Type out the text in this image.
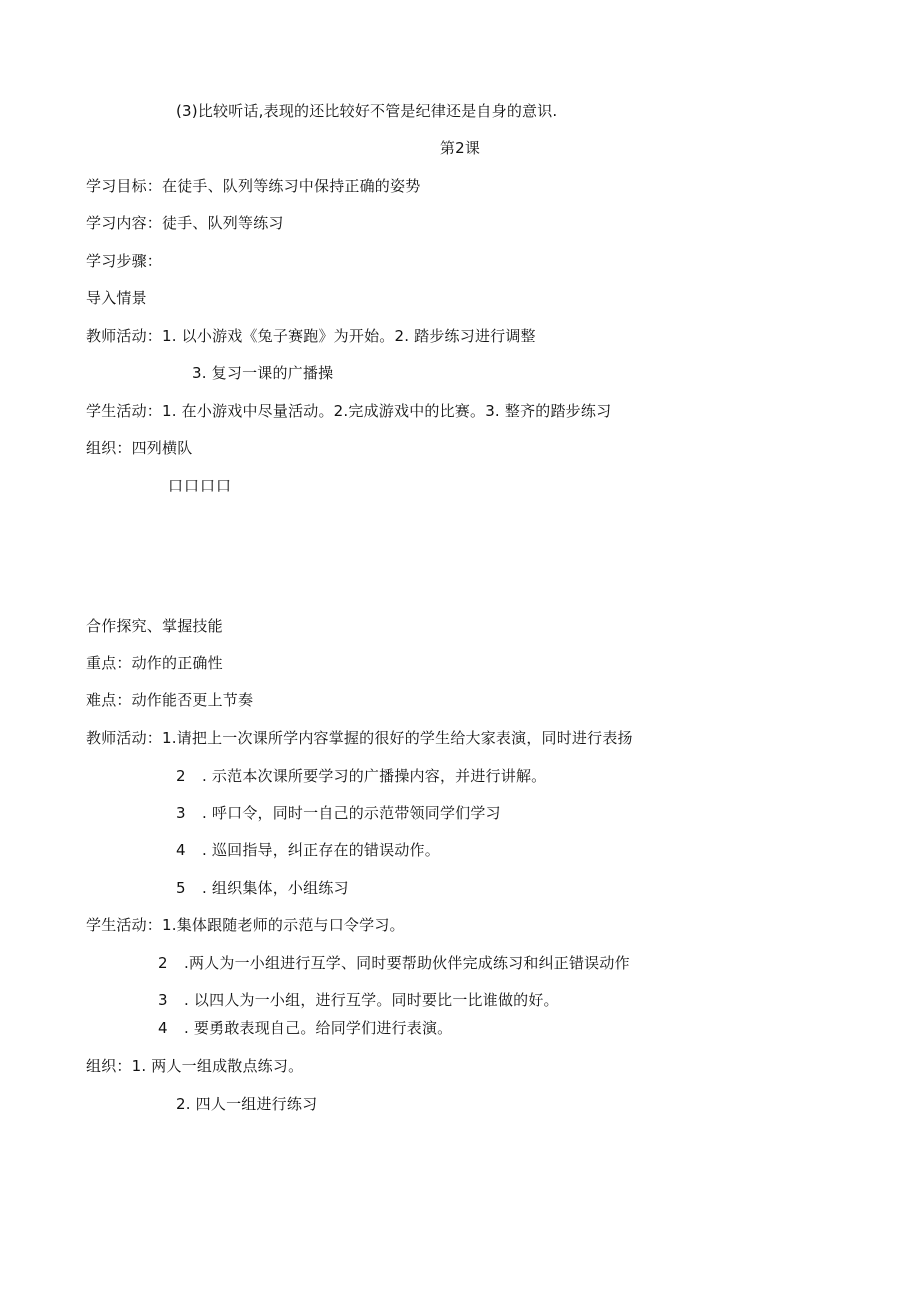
(3)比较听话,表现的还比较好不管是纪律还是自身的意识.
第2课
学习目标：在徒手、队列等练习中保持正确的姿势
学习内容：徒手、队列等练习
学习步骤：
导入情景
教师活动：1. 以小游戏《兔子赛跑》为开始。2. 踏步练习进行调整
3. 复习一课的广播操
学生活动：1. 在小游戏中尽量活动。2.完成游戏中的比赛。3. 整齐的踏步练习
组织：四列横队
口口口口
合作探究、掌握技能
重点：动作的正确性
难点：动作能否更上节奏
教师活动：1.请把上一次课所学内容掌握的很好的学生给大家表演，同时进行表扬
2 . 示范本次课所要学习的广播操内容，并进行讲解。
3 . 呼口令，同时一自己的示范带领同学们学习
4 . 巡回指导，纠正存在的错误动作。
5 . 组织集体，小组练习
学生活动：1.集体跟随老师的示范与口令学习。
2 .两人为一小组进行互学、同时要帮助伙伴完成练习和纠正错误动作
3 . 以四人为一小组，进行互学。同时要比一比谁做的好。
4 . 要勇敢表现自己。给同学们进行表演。
组织：1. 两人一组成散点练习。
2. 四人一组进行练习
